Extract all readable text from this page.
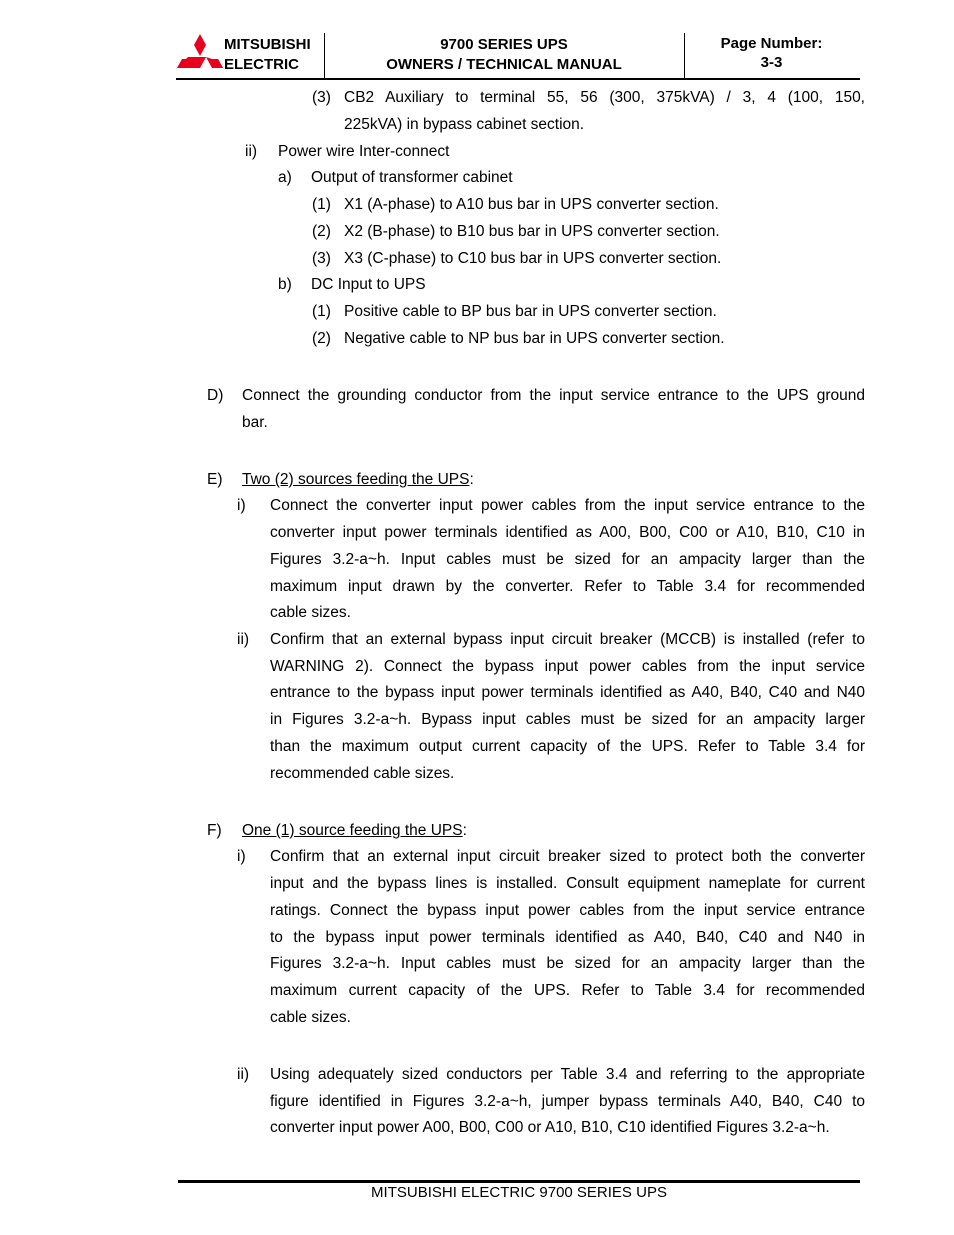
MITSUBISHI
ELECTRIC
9700 SERIES UPS
OWNERS / TECHNICAL MANUAL
Page Number:
3-3
(3) CB2 Auxiliary to terminal 55, 56 (300, 375kVA) / 3, 4 (100, 150,
225kVA) in bypass cabinet section.
ii) Power wire Inter-connect
a) Output of transformer cabinet
(1) X1 (A-phase) to A10 bus bar in UPS converter section.
(2) X2 (B-phase) to B10 bus bar in UPS converter section.
(3) X3 (C-phase) to C10 bus bar in UPS converter section.
b) DC Input to UPS
(1) Positive cable to BP bus bar in UPS converter section.
(2) Negative cable to NP bus bar in UPS converter section.
D) Connect the grounding conductor from the input service entrance to the UPS ground
bar.
E) Two (2) sources feeding the UPS:
i) Connect the converter input power cables from the input service entrance to the
converter input power terminals identified as A00, B00, C00 or A10, B10, C10 in
Figures 3.2-a~h. Input cables must be sized for an ampacity larger than the
maximum input drawn by the converter. Refer to Table 3.4 for recommended
cable sizes.
ii) Confirm that an external bypass input circuit breaker (MCCB) is installed (refer to
WARNING 2). Connect the bypass input power cables from the input service
entrance to the bypass input power terminals identified as A40, B40, C40 and N40
in Figures 3.2-a~h. Bypass input cables must be sized for an ampacity larger
than the maximum output current capacity of the UPS. Refer to Table 3.4 for
recommended cable sizes.
F) One (1) source feeding the UPS:
i) Confirm that an external input circuit breaker sized to protect both the converter
input and the bypass lines is installed. Consult equipment nameplate for current
ratings. Connect the bypass input power cables from the input service entrance
to the bypass input power terminals identified as A40, B40, C40 and N40 in
Figures 3.2-a~h. Input cables must be sized for an ampacity larger than the
maximum current capacity of the UPS. Refer to Table 3.4 for recommended
cable sizes.
ii) Using adequately sized conductors per Table 3.4 and referring to the appropriate
figure identified in Figures 3.2-a~h, jumper bypass terminals A40, B40, C40 to
converter input power A00, B00, C00 or A10, B10, C10 identified Figures 3.2-a~h.
MITSUBISHI ELECTRIC 9700 SERIES UPS
